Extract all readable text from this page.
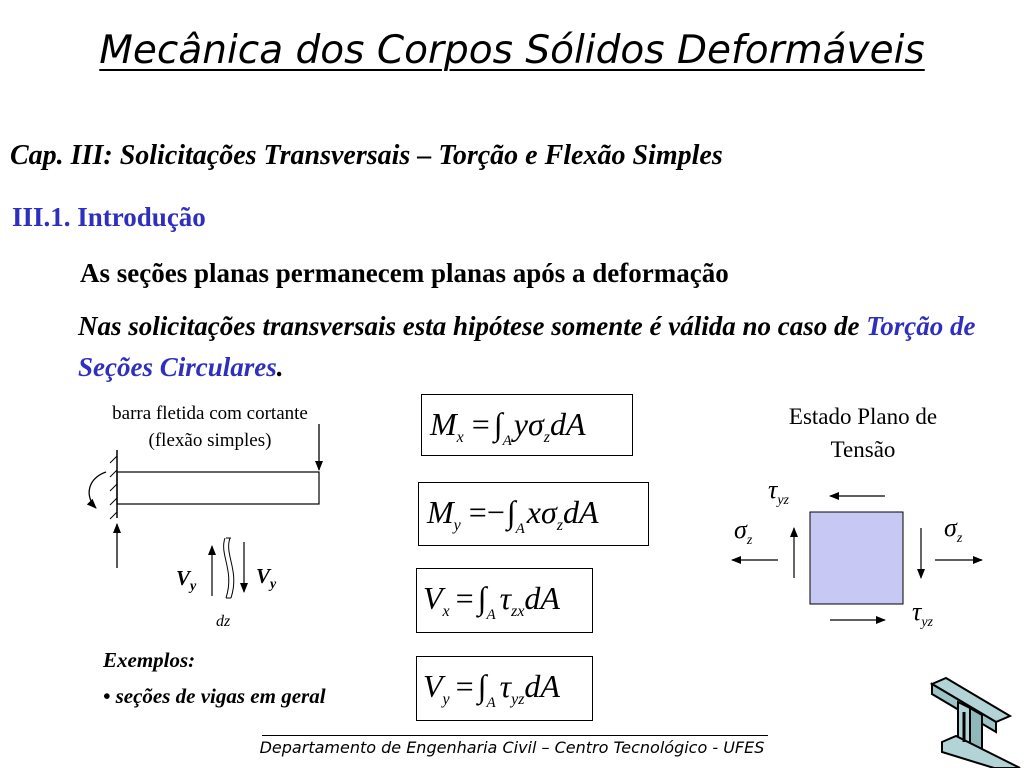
Mecânica dos Corpos Sólidos Deformáveis
Cap. III: Solicitações Transversais – Torção e Flexão Simples
III.1. Introdução
As seções planas permanecem planas após a deformação
Nas solicitações transversais esta hipótese somente é válida no caso de Torção de Seções Circulares.
barra fletida com cortante
(flexão simples)
$V_y$	$V_y$
dz
$M_x = \int_Ay\sigma_zdA$
$M_y =-\int_Ax\sigma_zdA$
$V_x = \int_A$ $\tau_{zx}dA$
$V_y = \int_A$ $\tau_{yz}dA$
Estado Plano de
Tensão
$\tau_{yz}$
$\tau_{yz}$
$\sigma_z$	$\sigma_z$
Exemplos:
• seções de vigas em geral
Departamento de Engenharia Civil – Centro Tecnológico - UFES
